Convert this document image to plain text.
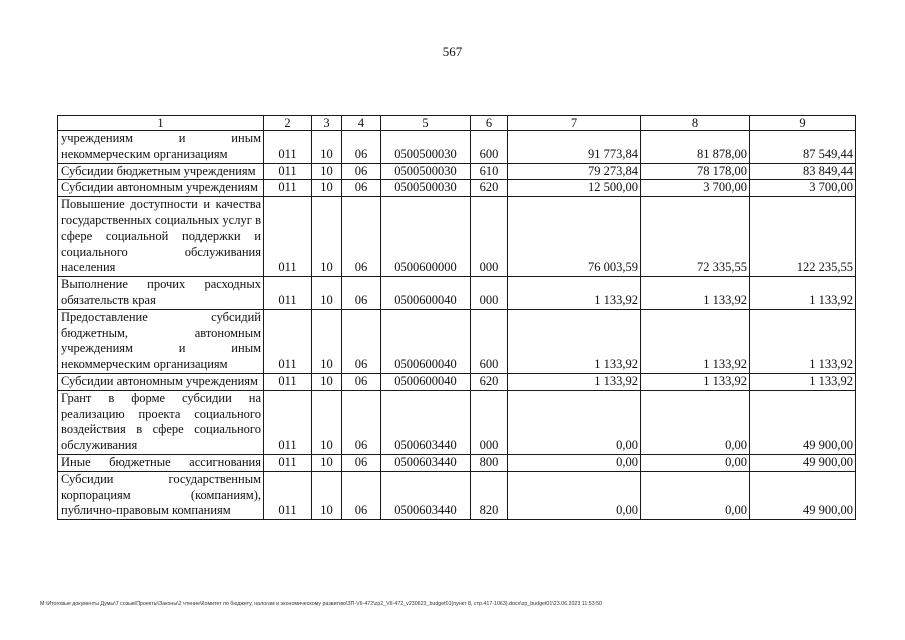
567
1	2	3	4	5	6	7	8	9
учреждениям и иным некоммерческим организациям	011	10	06	0500500030	600	91 773,84	81 878,00	87 549,44
Субсидии бюджетным учреждениям	011	10	06	0500500030	610	79 273,84	78 178,00	83 849,44
Субсидии автономным учреждениям	011	10	06	0500500030	620	12 500,00	3 700,00	3 700,00
Повышение доступности и качества государственных социальных услуг в сфере социальной поддержки и социального обслуживания населения	011	10	06	0500600000	000	76 003,59	72 335,55	122 235,55
Выполнение прочих расходных обязательств края	011	10	06	0500600040	000	1 133,92	1 133,92	1 133,92
Предоставление субсидий бюджетным, автономным учреждениям и иным некоммерческим организациям	011	10	06	0500600040	600	1 133,92	1 133,92	1 133,92
Субсидии автономным учреждениям	011	10	06	0500600040	620	1 133,92	1 133,92	1 133,92
Грант в форме субсидии на реализацию проекта социального воздействия в сфере социального обслуживания	011	10	06	0500603440	000	0,00	0,00	49 900,00
Иные бюджетные ассигнования	011	10	06	0500603440	800	0,00	0,00	49 900,00
Субсидии государственным корпорациям (компаниям), публично-правовым компаниям	011	10	06	0500603440	820	0,00	0,00	49 900,00
M:\Итоговые документы Думы\7 созыв\Проекты\Законы\2 чтение\Комитет по бюджету, налогам и экономическому развитию\ЗП-VII-472\zp2_VII-472_v230623_budget01(пункт 8, стр.417-1063).docx\zp_budget01\23.06.2023 11:53:50
